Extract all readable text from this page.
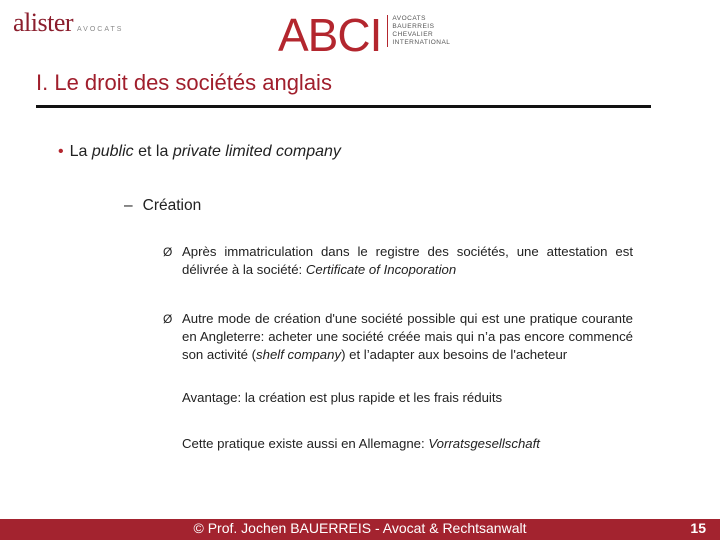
alister AVOCATS	ABCI AVOCATS
BAUERREIS
CHEVALIER
INTERNATIONAL
I. Le droit des sociétés anglais
• La public et la private limited company
– Création
Ø Après immatriculation dans le registre des sociétés, une attestation est délivrée à la société: Certificate of Incoporation
Ø Autre mode de création d'une société possible qui est une pratique courante en Angleterre: acheter une société créée mais qui n’a pas encore commencé son activité (shelf company) et l’adapter aux besoins de l'acheteur
Avantage: la création est plus rapide et les frais réduits
Cette pratique existe aussi en Allemagne: Vorratsgesellschaft
© Prof. Jochen BAUERREIS - Avocat & Rechtsanwalt	15
